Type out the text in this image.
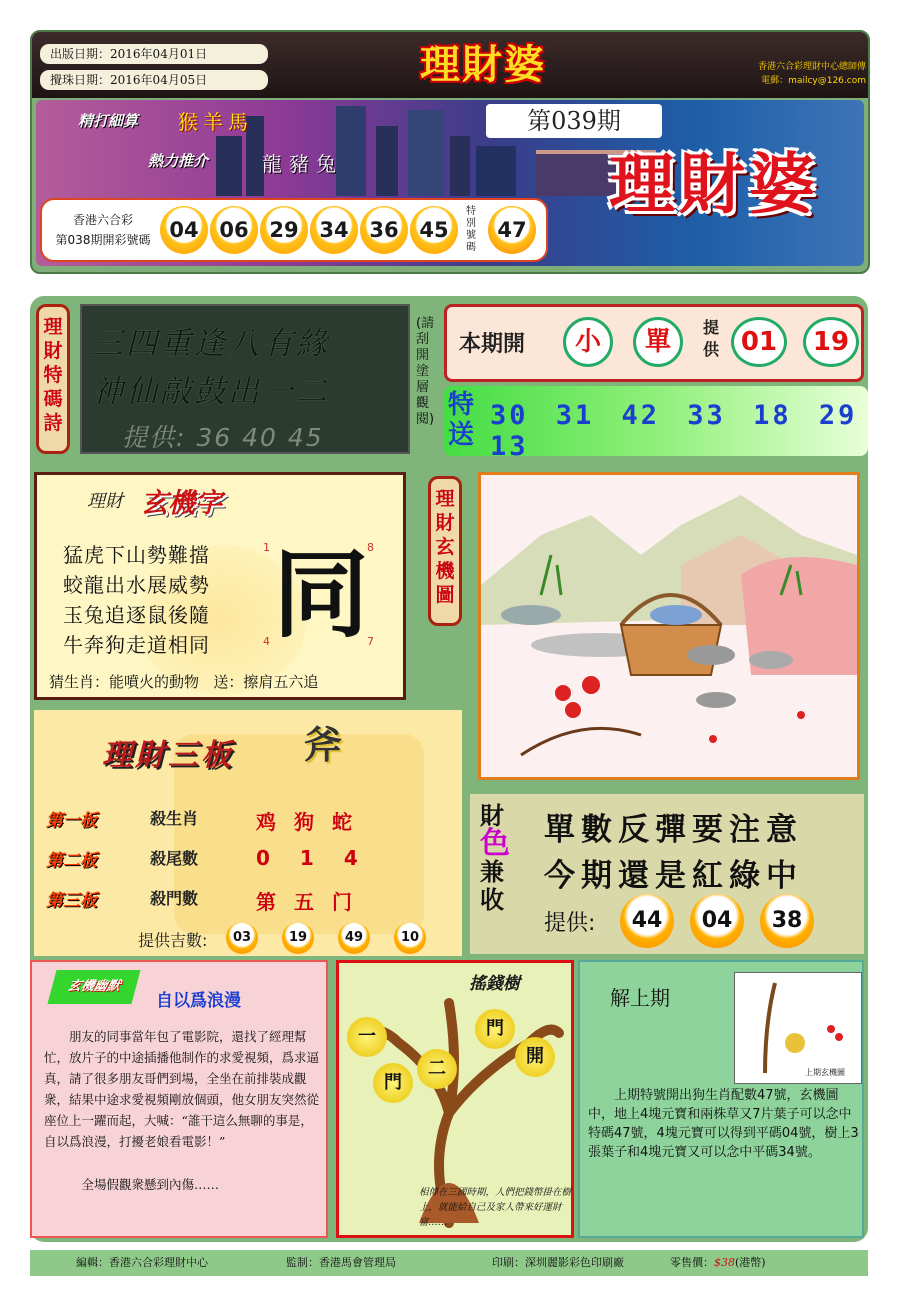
出版日期：2016年04月01日
攪珠日期：2016年04月05日	理財婆	香港六合彩理財中心總師傳
電郵：mailcy@126.com
精打細算 猴羊馬
熱力推介	龍豬兔
第039期
理財婆
香港六合彩
第038期開彩號碼 04 06 29 34 36 45
特別號碼
47
理財特碼詩
三四重逢八有緣
神仙敲鼓出一二
提供: 36 40 45
(請刮開塗層觀閱)
本期開	小	單	提供 01	19
特送
30 31 42 33 18 29 13
理財 玄機字
猛虎下山勢難擋
蛟龍出水展威勢
玉兔追逐鼠後隨
牛奔狗走道相同 同
1	8
4	7
猜生肖：能噴火的動物 送：擦肩五六追
理財玄機圖
理財三板 斧
第一板	殺生肖	鸡狗蛇
第二板	殺尾數	014
第三板	殺門數	第五门
提供吉數:	03	19	49	10
財
色
兼收
單數反彈要注意
今期還是紅綠中
提供:	44	04	38
玄機幽默
自以爲浪漫
朋友的同事當年包了電影院，還找了經理幫忙，放片子的中途插播他制作的求愛視頻，爲求逼真，請了很多朋友哥們到場，全坐在前排裝成觀衆，結果中途求愛視頻剛放個頭，他女朋友突然從座位上一躍而起，大喊：“誰干這么無聊的事是，自以爲浪漫，打擾老娘看電影！”
全場假觀衆懸到內傷……
搖錢樹
一
門
二
門
開
相傳在三國時期，人們把錢幣掛在樹上，就能給自己及家人帶來好運財富……
解上期
上期玄機圖
上期特號開出狗生肖配數47號，玄機圖中，地上4塊元寶和兩株草又7片葉子可以念中特碼47號，4塊元寶可以得到平碼04號，樹上3張葉子和4塊元寶又可以念中平碼34號。
編輯：香港六合彩理財中心	監制：香港馬會管理局	印刷：深圳麗影彩色印刷廠	零售價：$38(港幣)
